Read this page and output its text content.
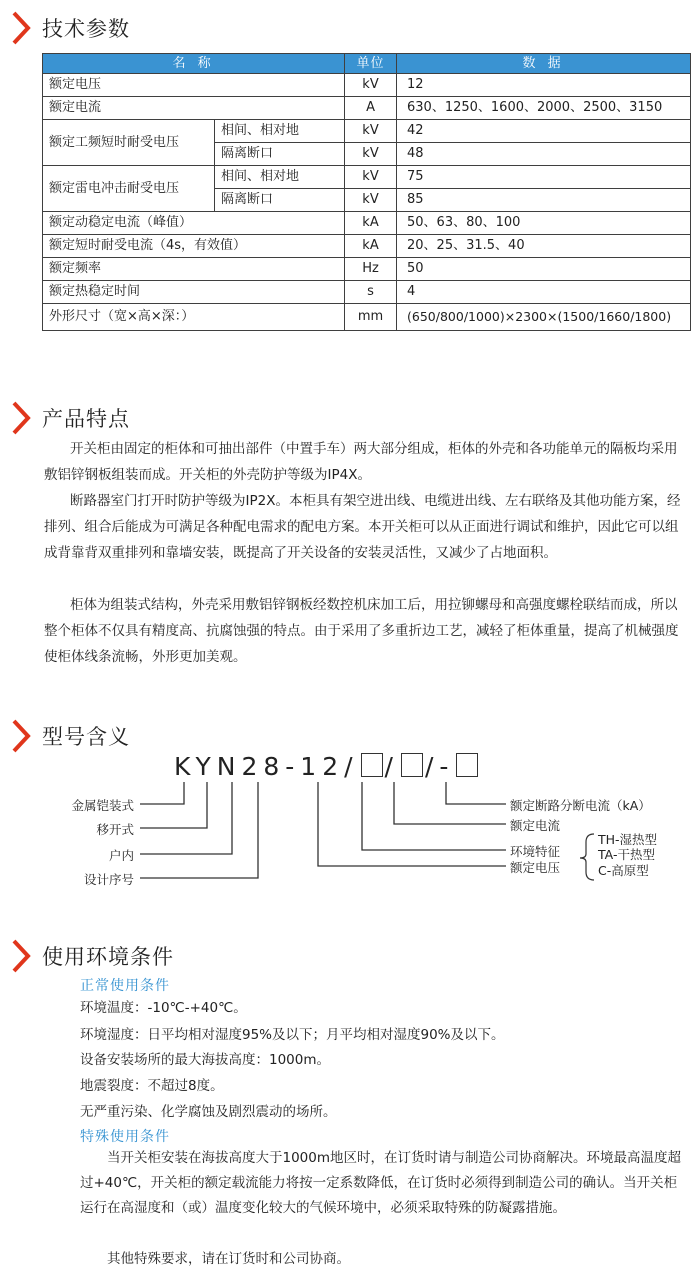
技术参数
名 称		单位	数 据
额定电压		kV	12
额定电流		A	630、1250、1600、2000、2500、3150
额定工频短时耐受电压	相间、相对地	kV	42
	隔离断口	kV	48
额定雷电冲击耐受电压	相间、相对地	kV	75
	隔离断口	kV	85
额定动稳定电流（峰值）		kA	50、63、80、100
额定短时耐受电流（4s，有效值）		kA	20、25、31.5、40
额定频率		Hz	50
额定热稳定时间		s	4
外形尺寸（宽×高×深：）		mm	(650/800/1000)×2300×(1500/1660/1800)
产品特点

开关柜由固定的柜体和可抽出部件（中置手车）两大部分组成，柜体的外壳和各功能单元的隔板均采用敷铝锌钢板组装而成。开关柜的外壳防护等级为IP4X。

断路器室门打开时防护等级为IP2X。本柜具有架空进出线、电缆进出线、左右联络及其他功能方案，经排列、组合后能成为可满足各种配电需求的配电方案。本开关柜可以从正面进行调试和维护，因此它可以组成背靠背双重排列和靠墙安装，既提高了开关设备的安装灵活性，又减少了占地面积。

柜体为组装式结构，外壳采用敷铝锌钢板经数控机床加工后，用拉铆螺母和高强度螺栓联结而成，所以整个柜体不仅具有精度高、抗腐蚀强的特点。由于采用了多重折边工艺，减轻了柜体重量，提高了机械强度使柜体线条流畅，外形更加美观。

型号含义
KYN28-12/ / /-
金属铠装式
移开式
户内
设计序号
额定断路分断电流（kA）
额定电流
环境特征
额定电压
TH-湿热型
TA-干热型
C-高原型
使用环境条件
正常使用条件
环境温度：-10℃-+40℃。
环境湿度：日平均相对湿度95%及以下；月平均相对湿度90%及以下。
设备安装场所的最大海拔高度：1000m。
地震裂度：不超过8度。
无严重污染、化学腐蚀及剧烈震动的场所。
特殊使用条件

当开关柜安装在海拔高度大于1000m地区时，在订货时请与制造公司协商解决。环境最高温度超过+40℃，开关柜的额定载流能力将按一定系数降低，在订货时必须得到制造公司的确认。当开关柜运行在高湿度和（或）温度变化较大的气候环境中，必须采取特殊的防凝露措施。

其他特殊要求，请在订货时和公司协商。
